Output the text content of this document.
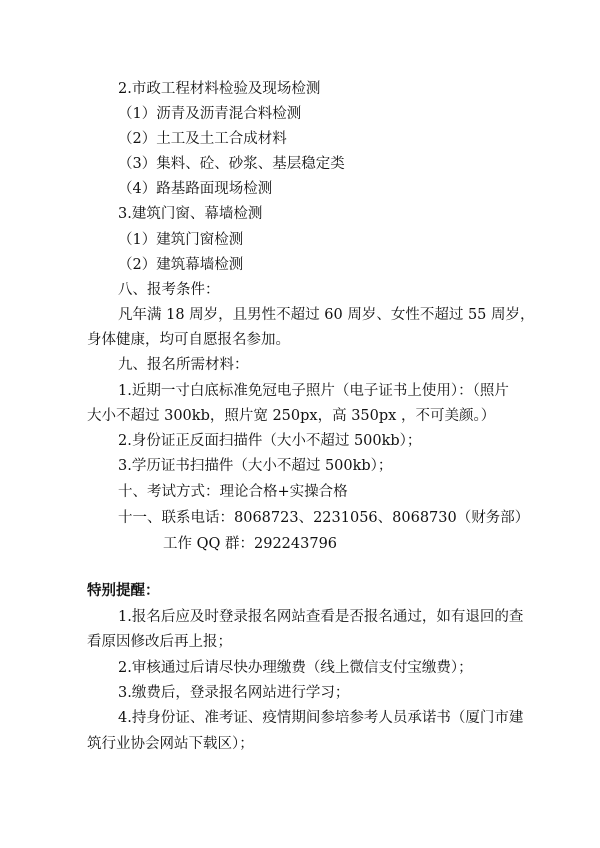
2.市政工程材料检验及现场检测
（1）沥青及沥青混合料检测
（2）土工及土工合成材料
（3）集料、砼、砂浆、基层稳定类
（4）路基路面现场检测
3.建筑门窗、幕墙检测
（1）建筑门窗检测
（2）建筑幕墙检测
八、报考条件：
凡年满 18 周岁，且男性不超过 60 周岁、女性不超过 55 周岁，
身体健康，均可自愿报名参加。
九、报名所需材料：
1.近期一寸白底标准免冠电子照片（电子证书上使用）：（照片
大小不超过 300kb，照片宽 250px，高 350px ，不可美颜。）
2.身份证正反面扫描件（大小不超过 500kb）；
3.学历证书扫描件（大小不超过 500kb）；
十、考试方式：理论合格+实操合格
十一、联系电话：8068723、2231056、8068730（财务部）
工作 QQ 群：292243796
特别提醒：
1.报名后应及时登录报名网站查看是否报名通过，如有退回的查
看原因修改后再上报；
2.审核通过后请尽快办理缴费（线上微信支付宝缴费）；
3.缴费后，登录报名网站进行学习；
4.持身份证、准考证、疫情期间参培参考人员承诺书（厦门市建
筑行业协会网站下载区）；
